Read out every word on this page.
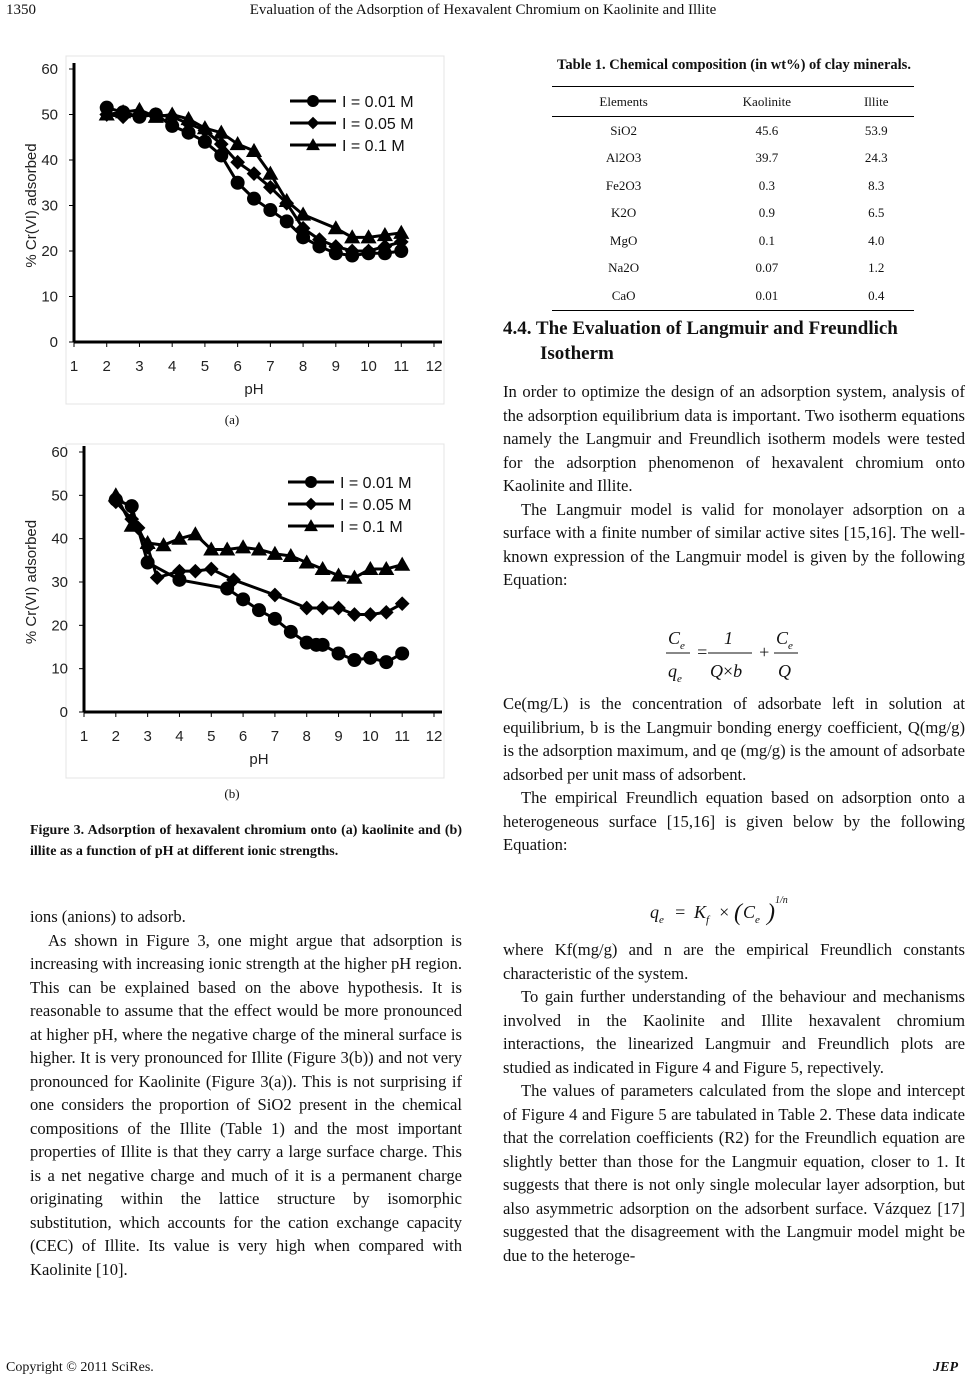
1350	Evaluation of the Adsorption of Hexavalent Chromium on Kaolinite and Illite
0
10
20
30
40
50
60
1 2 3 4 5 6 7 8 9 10 11 12
pH
% Cr(VI) adsorbed
I = 0.01 M
I = 0.05 M
I = 0.1 M
(a)
0
10
20
30
40
50
60
1 2 3 4 5 6 7 8 9 10 11 12
pH
% Cr(VI) adsorbed
I = 0.01 M
I = 0.05 M
I = 0.1 M
(b)
Figure 3. Adsorption of hexavalent chromium onto (a) kaolinite and (b) illite as a function of pH at different ionic strengths.

ions (anions) to adsorb.

As shown in Figure 3, one might argue that adsorption is increasing with increasing ionic strength at the higher pH region. This can be explained based on the above hypothesis. It is reasonable to assume that the effect would be more pronounced at higher pH, where the negative charge of the mineral surface is higher. It is very pronounced for Illite (Figure 3(b)) and not very pronounced for Kaolinite (Figure 3(a)). This is not surprising if one considers the proportion of SiO2 present in the chemical compositions of the Illite (Table 1) and the most important properties of Illite is that they carry a large surface charge. This is a net negative charge and much of it is a permanent charge originating within the lattice structure by isomorphic substitution, which accounts for the cation exchange capacity (CEC) of Illite. Its value is very high when compared with Kaolinite [10].

Table 1. Chemical composition (in wt%) of clay minerals.
Elements	Kaolinite	Illite
SiO2	45.6	53.9
Al2O3	39.7	24.3
Fe2O3	0.3	8.3
K2O	0.9	6.5
MgO	0.1	4.0
Na2O	0.07	1.2
CaO	0.01	0.4
4.4. The Evaluation of Langmuir and Freundlich
Isotherm

In order to optimize the design of an adsorption system, analysis of the adsorption equilibrium data is important. Two isotherm equations namely the Langmuir and Freundlich isotherm models were tested for the adsorption phenomenon of hexavalent chromium onto Kaolinite and Illite.

The Langmuir model is valid for monolayer adsorption on a surface with a finite number of similar active sites [15,16]. The well-known expression of the Langmuir model is given by the following Equation:

$C_e$
$q_e$
=
1
Q×b
+
$C_e$
Q

Ce(mg/L) is the concentration of adsorbate left in solution at equilibrium, b is the Langmuir bonding energy coefficient, Q(mg/g) is the adsorption maximum, and qe (mg/g) is the amount of adsorbate adsorbed per unit mass of adsorbent.

The empirical Freundlich equation based on adsorption onto a heterogeneous surface [15,16] is given below by the following Equation:

$q_e = K_f$ × ( $C_e$ ) 1/n

where Kf(mg/g) and n are the empirical Freundlich constants characteristic of the system.

To gain further understanding of the behaviour and mechanisms involved in the Kaolinite and Illite hexavalent chromium interactions, the linearized Langmuir and Freundlich plots are studied as indicated in Figure 4 and Figure 5, repectively.

The values of parameters calculated from the slope and intercept of Figure 4 and Figure 5 are tabulated in Table 2. These data indicate that the correlation coefficients (R2) for the Freundlich equation are slightly better than those for the Langmuir equation, closer to 1. It suggests that there is not only single molecular layer adsorption, but also asymmetric adsorption on the adsorbent surface. Vázquez [17] suggested that the disagreement with the Langmuir model might be due to the heteroge-

Copyright © 2011 SciRes.	JEP
